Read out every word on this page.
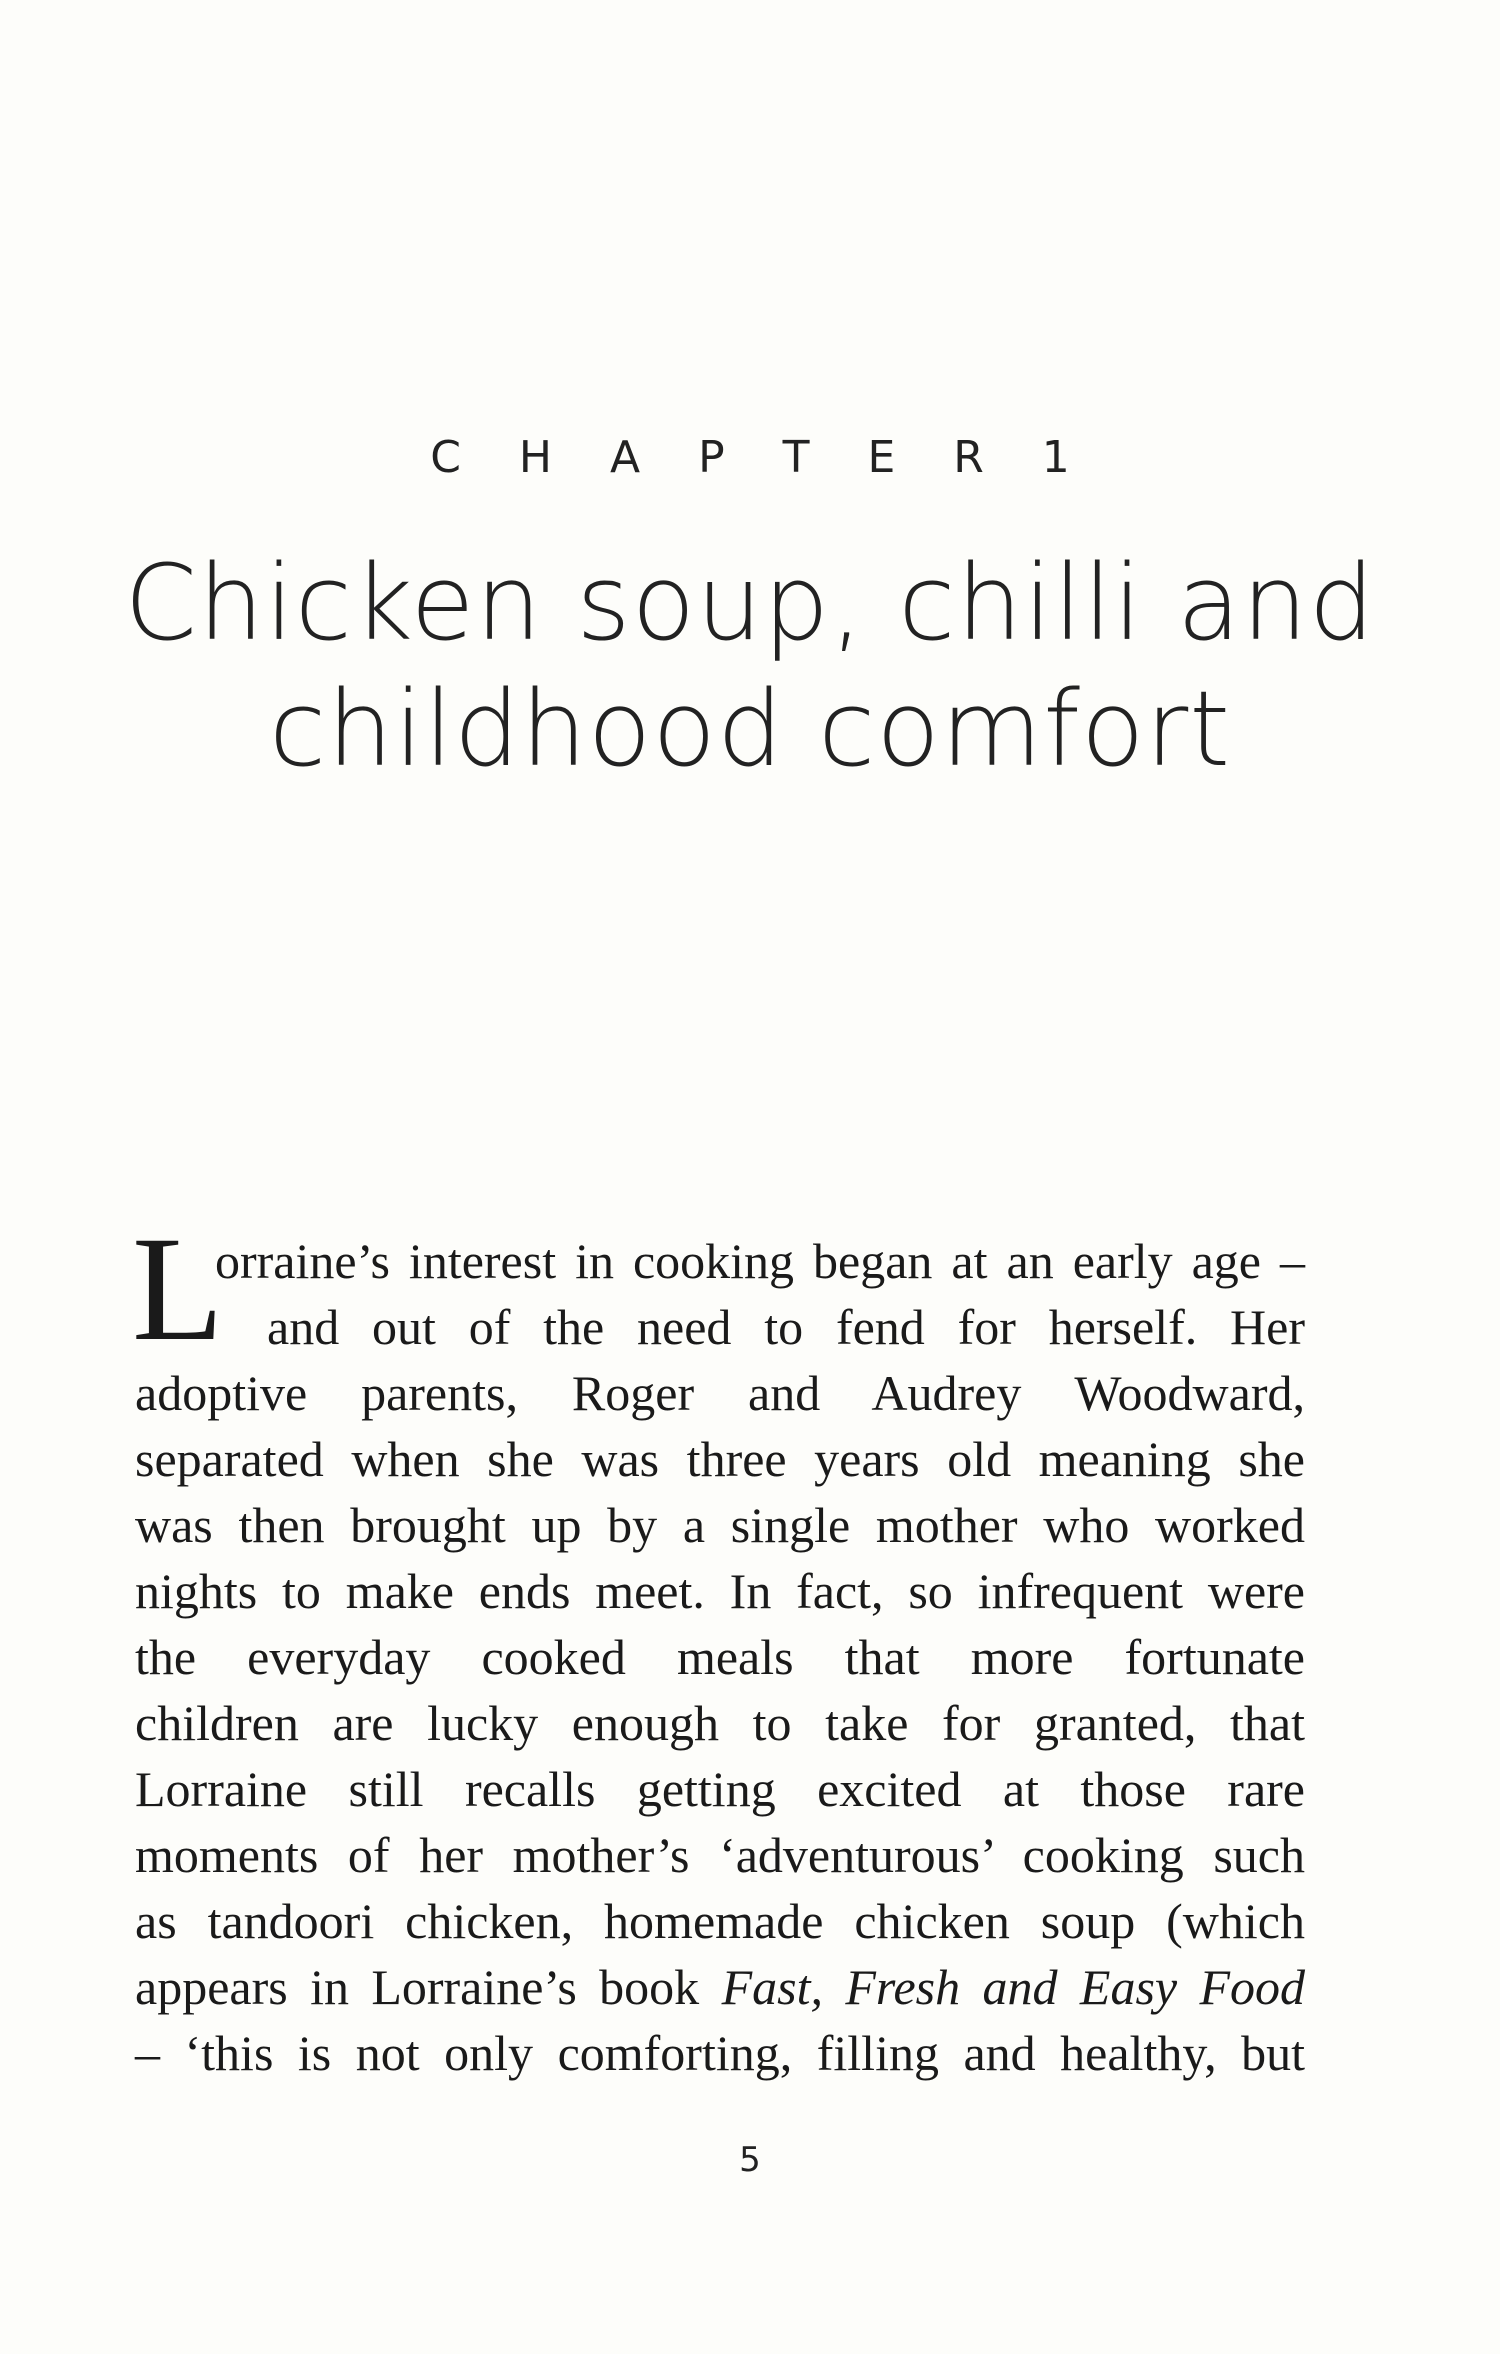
C H A P T E R 1
Chicken soup, chilli and
childhood comfort
L
orraine’s interest in cooking began at an early age –
and out of the need to fend for herself. Her
adoptive parents, Roger and Audrey Woodward,
separated when she was three years old meaning she
was then brought up by a single mother who worked
nights to make ends meet. In fact, so infrequent were
the everyday cooked meals that more fortunate
children are lucky enough to take for granted, that
Lorraine still recalls getting excited at those rare
moments of her mother’s ‘adventurous’ cooking such
as tandoori chicken, homemade chicken soup (which
appears in Lorraine’s book Fast, Fresh and Easy Food
– ‘this is not only comforting, filling and healthy, but
5
